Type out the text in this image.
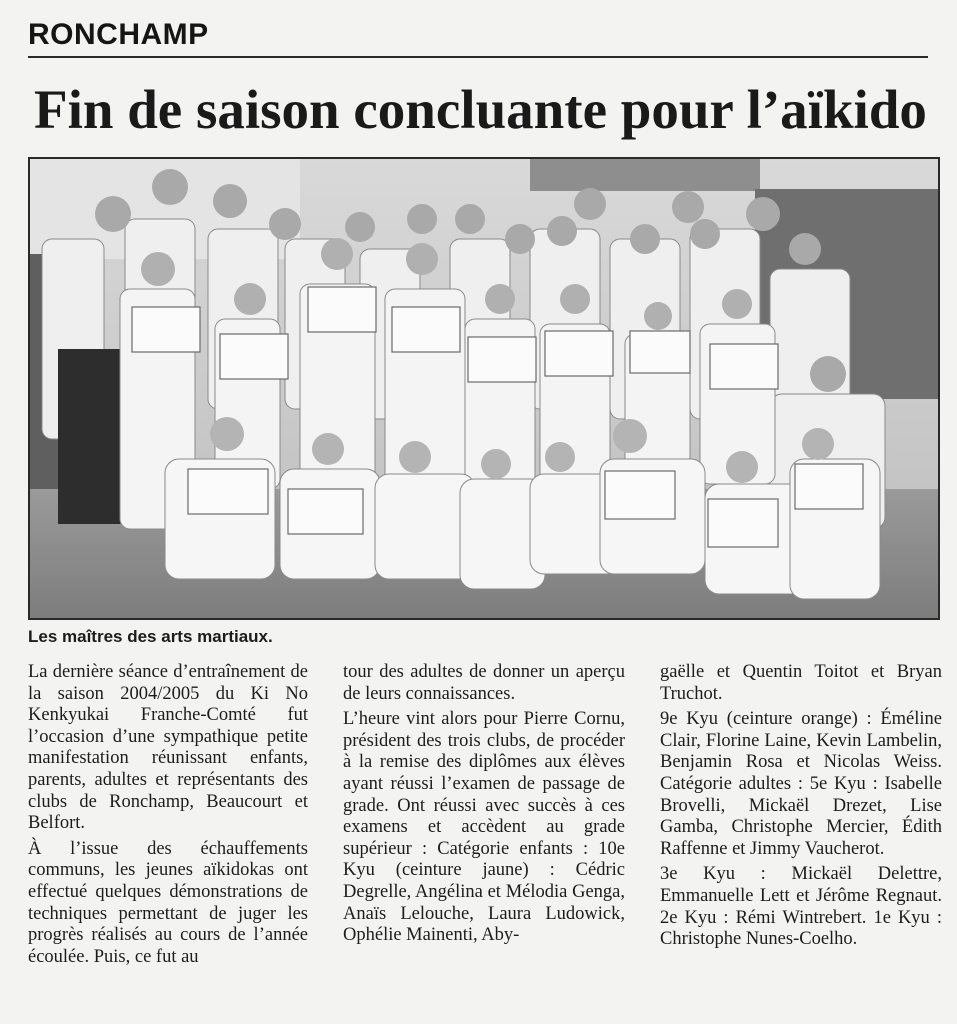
RONCHAMP
Fin de saison concluante pour l’aïkido
Les maîtres des arts martiaux.

La dernière séance d’entraînement de la saison 2004/2005 du Ki No Kenkyukai Franche-Comté fut l’occasion d’une sympathique petite manifestation réunissant enfants, parents, adultes et représentants des clubs de Ronchamp, Beaucourt et Belfort.

À l’issue des échauffements communs, les jeunes aïkidokas ont effectué quelques démonstrations de techniques permettant de juger les progrès réalisés au cours de l’année écoulée. Puis, ce fut au

tour des adultes de donner un aperçu de leurs connaissances.

L’heure vint alors pour Pierre Cornu, président des trois clubs, de procéder à la remise des diplômes aux élèves ayant réussi l’examen de passage de grade. Ont réussi avec succès à ces examens et accèdent au grade supérieur : Catégorie enfants : 10e Kyu (ceinture jaune) : Cédric Degrelle, Angélina et Mélodia Genga, Anaïs Lelouche, Laura Ludowick, Ophélie Mainenti, Aby-

gaëlle et Quentin Toitot et Bryan Truchot.

9e Kyu (ceinture orange) : Éméline Clair, Florine Laine, Kevin Lambelin, Benjamin Rosa et Nicolas Weiss. Catégorie adultes : 5e Kyu : Isabelle Brovelli, Mickaël Drezet, Lise Gamba, Christophe Mercier, Édith Raffenne et Jimmy Vaucherot.

3e Kyu : Mickaël Delettre, Emmanuelle Lett et Jérôme Regnaut. 2e Kyu : Rémi Wintrebert. 1e Kyu : Christophe Nunes-Coelho.
